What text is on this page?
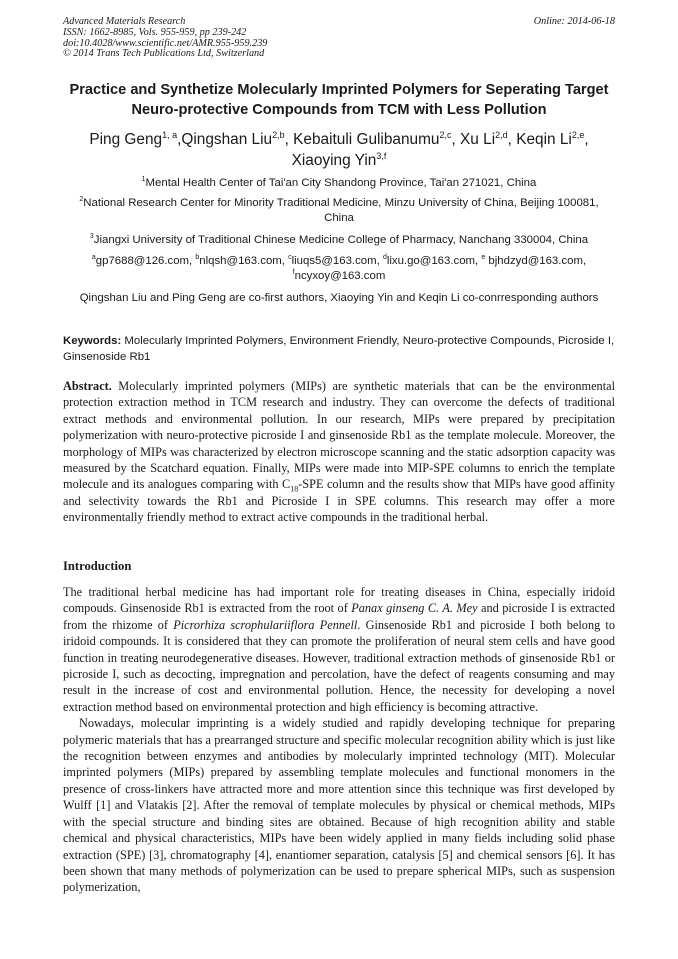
Advanced Materials Research
ISSN: 1662-8985, Vols. 955-959, pp 239-242
doi:10.4028/www.scientific.net/AMR.955-959.239
© 2014 Trans Tech Publications Ltd, Switzerland
Online: 2014-06-18
Practice and Synthetize Molecularly Imprinted Polymers for Seperating Target Neuro-protective Compounds from TCM with Less Pollution
Ping Geng$^{1, a}$,Qingshan Liu$^{2,b}$, Kebaituli Gulibanumu$^{2,c}$, Xu Li$^{2,d}$, Keqin Li$^{2,e}$,
Xiaoying Yin$^{3,f}$
$^1$Mental Health Center of Tai'an City Shandong Province, Tai'an 271021, China
$^2$National Research Center for Minority Traditional Medicine, Minzu University of China, Beijing 100081, China
$^3$Jiangxi University of Traditional Chinese Medicine College of Pharmacy, Nanchang 330004, China
$^a$gp7688@126.com, $^b$nlqsh@163.com, $^c$liuqs5@163.com, $^d$lixu.go@163.com, $^e$ bjhdzyd@163.com,
$^f$ncyxoy@163.com
Qingshan Liu and Ping Geng are co-first authors, Xiaoying Yin and Keqin Li co-conrresponding authors
Keywords: Molecularly Imprinted Polymers, Environment Friendly, Neuro-protective Compounds, Picroside I, Ginsenoside Rb1
Abstract. Molecularly imprinted polymers (MIPs) are synthetic materials that can be the environmental protection extraction method in TCM research and industry. They can overcome the defects of traditional extract methods and environmental pollution. In our research, MIPs were prepared by precipitation polymerization with neuro-protective picroside I and ginsenoside Rb1 as the template molecule. Moreover, the morphology of MIPs was characterized by electron microscope scanning and the static adsorption capacity was measured by the Scatchard equation. Finally, MIPs were made into MIP-SPE columns to enrich the template molecule and its analogues comparing with $C_{18}$-SPE column and the results show that MIPs have good affinity and selectivity towards the Rb1 and Picroside I in SPE columns. This research may offer a more environmentally friendly method to extract active compounds in the traditional herbal.
Introduction

The traditional herbal medicine has had important role for treating diseases in China, especially iridoid compouds. Ginsenoside Rb1 is extracted from the root of Panax ginseng C. A. Mey and picroside I is extracted from the rhizome of Picrorhiza scrophulariiflora Pennell. Ginsenoside Rb1 and picroside I both belong to iridoid compounds. It is considered that they can promote the proliferation of neural stem cells and have good function in treating neurodegenerative diseases. However, traditional extraction methods of ginsenoside Rb1 or picroside I, such as decocting, impregnation and percolation, have the defect of reagents consuming and may result in the increase of cost and environmental pollution. Hence, the necessity for developing a novel extraction method based on environmental protection and high efficiency is becoming attractive.

Nowadays, molecular imprinting is a widely studied and rapidly developing technique for preparing polymeric materials that has a prearranged structure and specific molecular recognition ability which is just like the recognition between enzymes and antibodies by molecularly imprinted technology (MIT). Molecular imprinted polymers (MIPs) prepared by assembling template molecules and functional monomers in the presence of cross-linkers have attracted more and more attention since this technique was first developed by Wulff [1] and Vlatakis [2]. After the removal of template molecules by physical or chemical methods, MIPs with the special structure and binding sites are obtained. Because of high recognition ability and stable chemical and physical characteristics, MIPs have been widely applied in many fields including solid phase extraction (SPE) [3], chromatography [4], enantiomer separation, catalysis [5] and chemical sensors [6]. It has been shown that many methods of polymerization can be used to prepare spherical MIPs, such as suspension polymerization,
